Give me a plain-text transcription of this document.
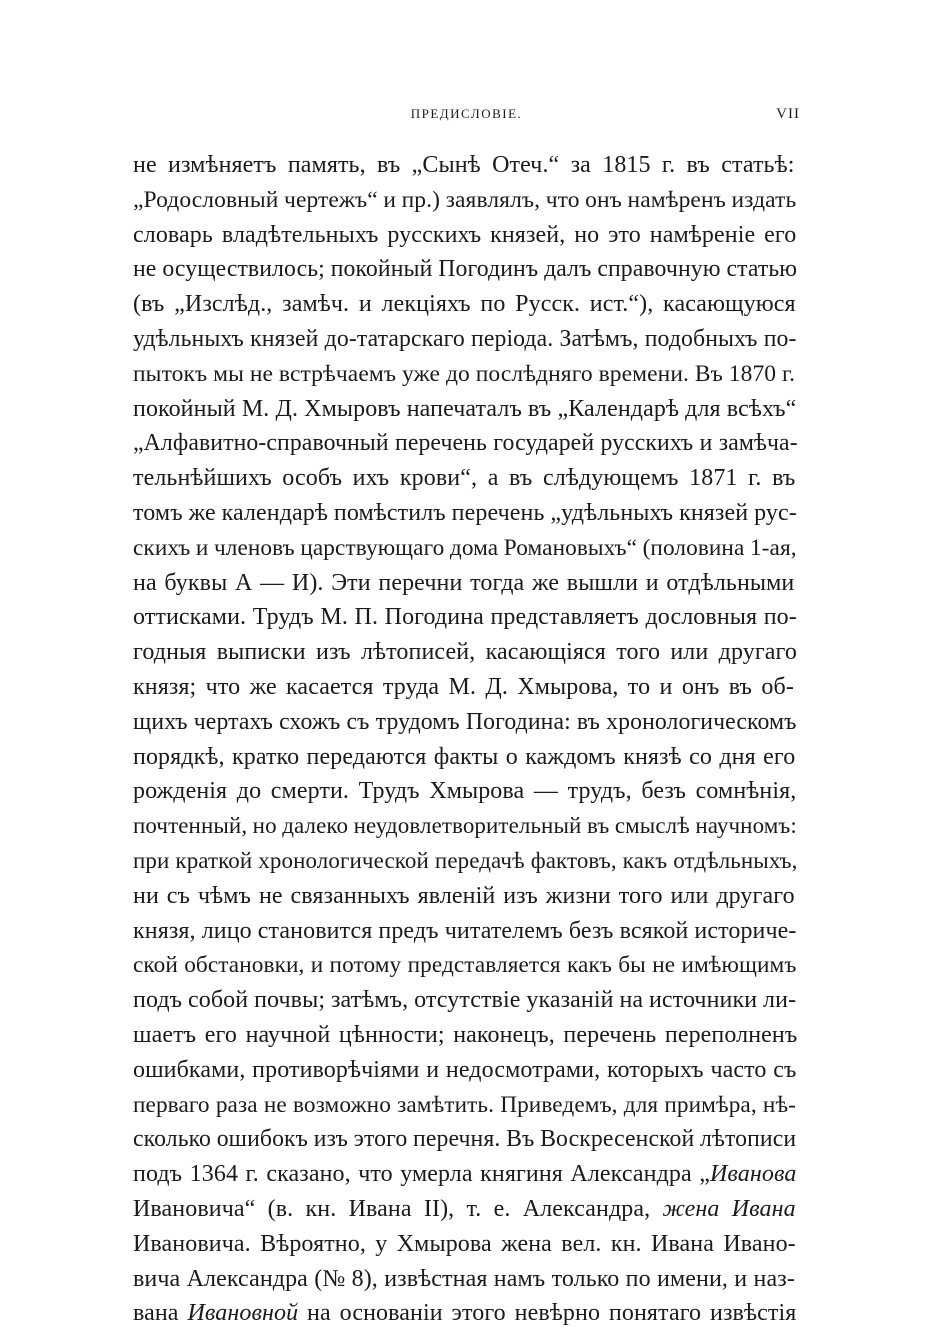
ПРЕДИСЛОВІЕ.	VII
не измѣняетъ память, въ „Сынѣ Отеч.“ за 1815 г. въ статьѣ:
„Родословный чертежъ“ и пр.) заявлялъ, что онъ намѣренъ издать
словарь владѣтельныхъ русскихъ князей, но это намѣреніе его
не осуществилось; покойный Погодинъ далъ справочную статью
(въ „Изслѣд., замѣч. и лекціяхъ по Русск. ист.“), касающуюся
удѣльныхъ князей до-татарскаго періода. Затѣмъ, подобныхъ по-
пытокъ мы не встрѣчаемъ уже до послѣдняго времени. Въ 1870 г.
покойный М. Д. Хмыровъ напечаталъ въ „Календарѣ для всѣхъ“
„Алфавитно-справочный перечень государей русскихъ и замѣча-
тельнѣйшихъ особъ ихъ крови“, а въ слѣдующемъ 1871 г. въ
томъ же календарѣ помѣстилъ перечень „удѣльныхъ князей рус-
скихъ и членовъ царствующаго дома Романовыхъ“ (половина 1-ая,
на буквы А — И). Эти перечни тогда же вышли и отдѣльными
оттисками. Трудъ М. П. Погодина представляетъ дословныя по-
годныя выписки изъ лѣтописей, касающіяся того или другаго
князя; что же касается труда М. Д. Хмырова, то и онъ въ об-
щихъ чертахъ схожъ съ трудомъ Погодина: въ хронологическомъ
порядкѣ, кратко передаются факты о каждомъ князѣ со дня его
рожденія до смерти. Трудъ Хмырова — трудъ, безъ сомнѣнія,
почтенный, но далеко неудовлетворительный въ смыслѣ научномъ:
при краткой хронологической передачѣ фактовъ, какъ отдѣльныхъ,
ни съ чѣмъ не связанныхъ явленій изъ жизни того или другаго
князя, лицо становится предъ читателемъ безъ всякой историче-
ской обстановки, и потому представляется какъ бы не имѣющимъ
подъ собой почвы; затѣмъ, отсутствіе указаній на источники ли-
шаетъ его научной цѣнности; наконецъ, перечень переполненъ
ошибками, противорѣчіями и недосмотрами, которыхъ часто съ
перваго раза не возможно замѣтить. Приведемъ, для примѣра, нѣ-
сколько ошибокъ изъ этого перечня. Въ Воскресенской лѣтописи
подъ 1364 г. сказано, что умерла княгиня Александра „Иванова
Ивановича“ (в. кн. Ивана II), т. е. Александра, жена Ивана
Ивановича. Вѣроятно, у Хмырова жена вел. кн. Ивана Ивано-
вича Александра (№ 8), извѣстная намъ только по имени, и наз-
вана Ивановной на основаніи этого невѣрно понятаго извѣстія
